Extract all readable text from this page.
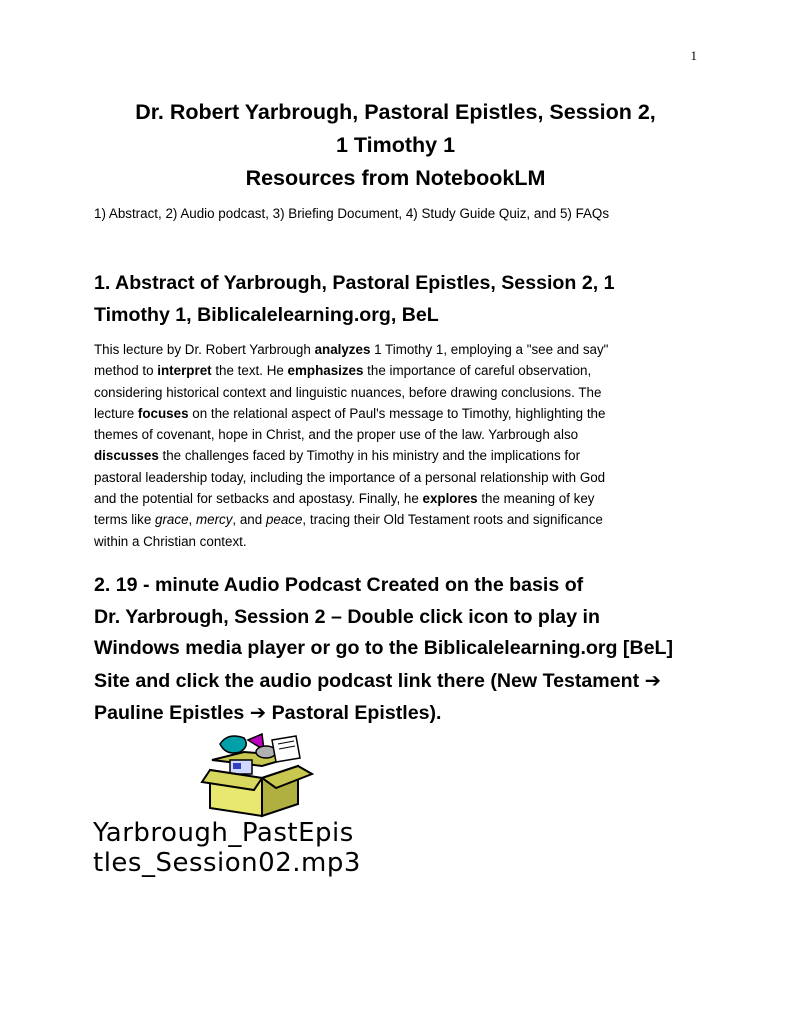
1
Dr. Robert Yarbrough, Pastoral Epistles, Session 2,
1 Timothy 1
Resources from NotebookLM
1) Abstract, 2) Audio podcast, 3) Briefing Document, 4) Study Guide Quiz, and 5) FAQs
1. Abstract of Yarbrough, Pastoral Epistles, Session 2, 1
Timothy 1, Biblicalelearning.org, BeL
This lecture by Dr. Robert Yarbrough analyzes 1 Timothy 1, employing a "see and say"
method to interpret the text. He emphasizes the importance of careful observation,
considering historical context and linguistic nuances, before drawing conclusions. The
lecture focuses on the relational aspect of Paul's message to Timothy, highlighting the
themes of covenant, hope in Christ, and the proper use of the law. Yarbrough also
discusses the challenges faced by Timothy in his ministry and the implications for
pastoral leadership today, including the importance of a personal relationship with God
and the potential for setbacks and apostasy. Finally, he explores the meaning of key
terms like grace, mercy, and peace, tracing their Old Testament roots and significance
within a Christian context.
2. 19 - minute Audio Podcast Created on the basis of
Dr. Yarbrough, Session 2 – Double click icon to play in
Windows media player or go to the Biblicalelearning.org [BeL]
Site and click the audio podcast link there (New Testament ➔
Pauline Epistles ➔ Pastoral Epistles).
Yarbrough_PastEpis
tles_Session02.mp3
